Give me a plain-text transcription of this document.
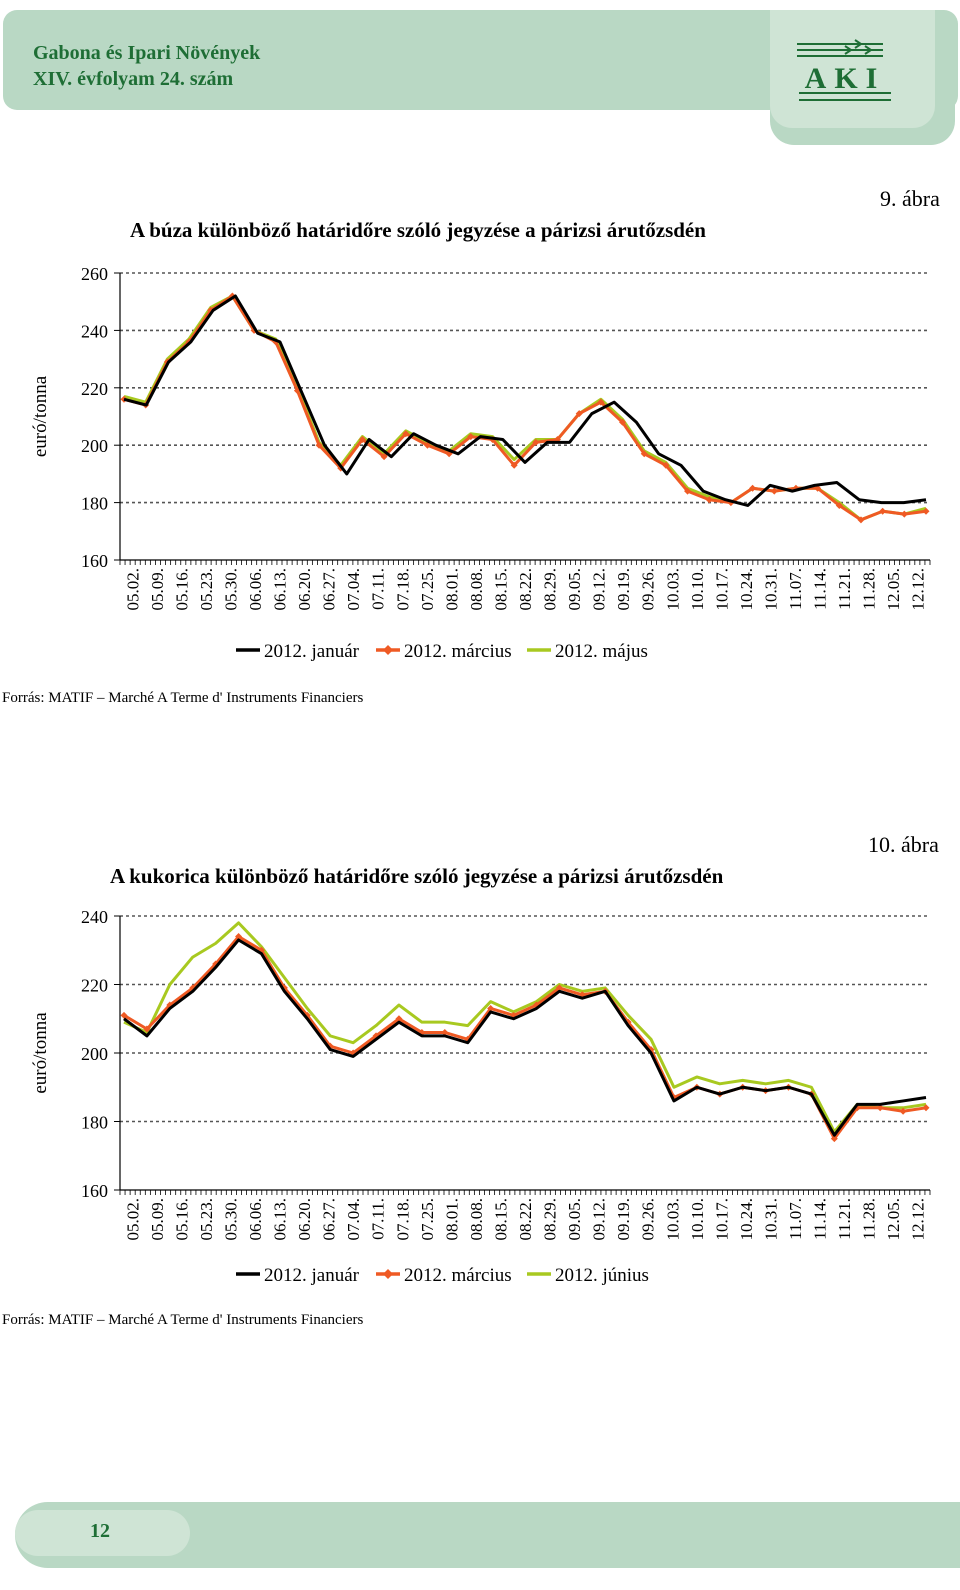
Gabona és Ipari Növények
XIV. évfolyam 24. szám	AKI
9. ábra
A búza különböző határidőre szóló jegyzése a párizsi árutőzsdén
euró/tonna
160
180
200
220
240
260
05.02. 05.09. 05.16. 05.23. 05.30. 06.06. 06.13. 06.20. 06.27. 07.04. 07.11. 07.18. 07.25. 08.01. 08.08. 08.15. 08.22. 08.29. 09.05. 09.12. 09.19. 09.26. 10.03. 10.10. 10.17. 10.24. 10.31. 11.07. 11.14. 11.21. 11.28. 12.05. 12.12.
2012. január 2012. március 2012. május
Forrás: MATIF – Marché A Terme d' Instruments Financiers
10. ábra
A kukorica különböző határidőre szóló jegyzése a párizsi árutőzsdén
euró/tonna
160
180
200
220
240
05.02. 05.09. 05.16. 05.23. 05.30. 06.06. 06.13. 06.20. 06.27. 07.04. 07.11. 07.18. 07.25. 08.01. 08.08. 08.15. 08.22. 08.29. 09.05. 09.12. 09.19. 09.26. 10.03. 10.10. 10.17. 10.24. 10.31. 11.07. 11.14. 11.21. 11.28. 12.05. 12.12.
2012. január 2012. március 2012. június
Forrás: MATIF – Marché A Terme d' Instruments Financiers
12
